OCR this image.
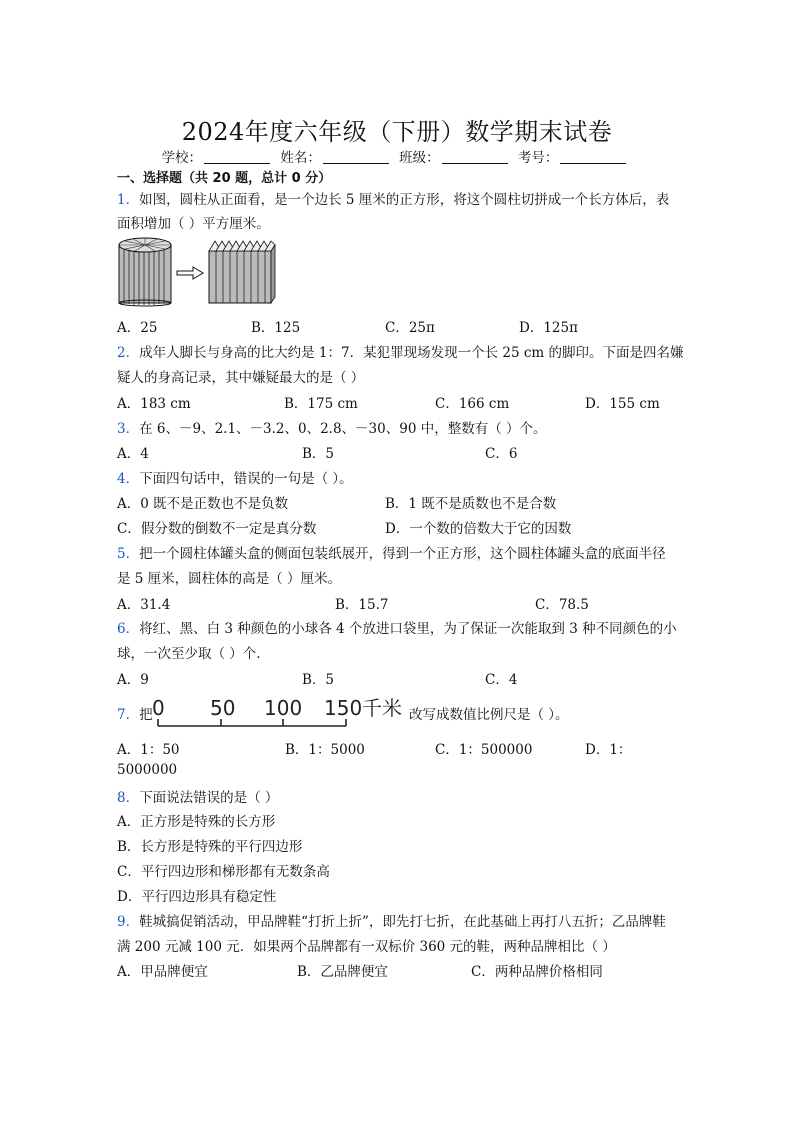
2024年度六年级（下册）数学期末试卷
学校：	姓名：	班级：	考号：
一、选择题（共 20 题，总计 0 分）
1．如图，圆柱从正面看，是一个边长 5 厘米的正方形，将这个圆柱切拼成一个长方体后，表
面积增加（ ）平方厘米。
A．25	B．125	C．25π	D．125π
2．成年人脚长与身高的比大约是 1：7．某犯罪现场发现一个长 25 cm 的脚印。下面是四名嫌
疑人的身高记录，其中嫌疑最大的是（ ）
A．183 cm	B．175 cm	C．166 cm	D．155 cm
3．在 6、－9、2.1、－3.2、0、2.8、－30、90 中，整数有（ ）个。
A．4	B．5	C．6
4．下面四句话中，错误的一句是（ ）。
A．0 既不是正数也不是负数	B．1 既不是质数也不是合数
C．假分数的倒数不一定是真分数	D．一个数的倍数大于它的因数
5．把一个圆柱体罐头盒的侧面包装纸展开，得到一个正方形，这个圆柱体罐头盒的底面半径
是 5 厘米，圆柱体的高是（ ）厘米。
A．31.4	B．15.7	C．78.5
6．将红、黑、白 3 种颜色的小球各 4 个放进口袋里，为了保证一次能取到 3 种不同颜色的小
球，一次至少取（ ）个.
A．9	B．5	C．4
7．把 0 50 100 150 千米 改写成数值比例尺是（ ）。
A．1：50	B．1：5000	C．1：500000	D．1：
5000000
8．下面说法错误的是（ ）
A．正方形是特殊的长方形
B．长方形是特殊的平行四边形
C．平行四边形和梯形都有无数条高
D．平行四边形具有稳定性
9．鞋城搞促销活动，甲品牌鞋“打折上折”，即先打七折，在此基础上再打八五折；乙品牌鞋
满 200 元减 100 元．如果两个品牌都有一双标价 360 元的鞋，两种品牌相比（ ）
A．甲品牌便宜	B．乙品牌便宜	C．两种品牌价格相同
